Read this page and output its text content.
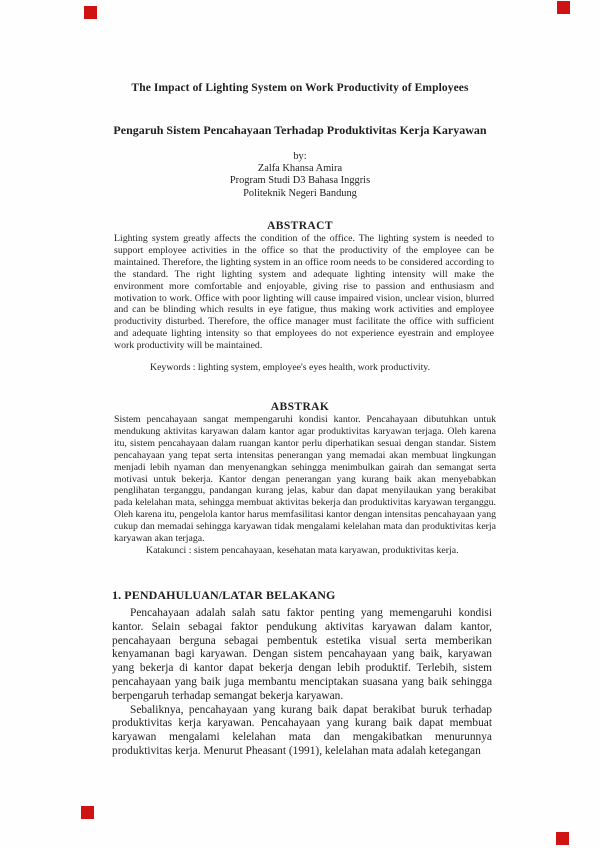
The Impact of Lighting System on Work Productivity of Employees
Pengaruh Sistem Pencahayaan Terhadap Produktivitas Kerja Karyawan
by:
Zalfa Khansa Amira
Program Studi D3 Bahasa Inggris
Politeknik Negeri Bandung
ABSTRACT
Lighting system greatly affects the condition of the office. The lighting system is needed to support employee activities in the office so that the productivity of the employee can be maintained. Therefore, the lighting system in an office room needs to be considered according to the standard. The right lighting system and adequate lighting intensity will make the environment more comfortable and enjoyable, giving rise to passion and enthusiasm and motivation to work. Office with poor lighting will cause impaired vision, unclear vision, blurred and can be blinding which results in eye fatigue, thus making work activities and employee productivity disturbed. Therefore, the office manager must facilitate the office with sufficient and adequate lighting intensity so that employees do not experience eyestrain and employee work productivity will be maintained.
Keywords : lighting system, employee's eyes health, work productivity.
ABSTRAK
Sistem pencahayaan sangat mempengaruhi kondisi kantor. Pencahayaan dibutuhkan untuk mendukung aktivitas karyawan dalam kantor agar produktivitas karyawan terjaga. Oleh karena itu, sistem pencahayaan dalam ruangan kantor perlu diperhatikan sesuai dengan standar. Sistem pencahayaan yang tepat serta intensitas penerangan yang memadai akan membuat lingkungan menjadi lebih nyaman dan menyenangkan sehingga menimbulkan gairah dan semangat serta motivasi untuk bekerja. Kantor dengan penerangan yang kurang baik akan menyebabkan penglihatan terganggu, pandangan kurang jelas, kabur dan dapat menyilaukan yang berakibat pada kelelahan mata, sehingga membuat aktivitas bekerja dan produktivitas karyawan terganggu. Oleh karena itu, pengelola kantor harus memfasilitasi kantor dengan intensitas pencahayaan yang cukup dan memadai sehingga karyawan tidak mengalami kelelahan mata dan produktivitas kerja karyawan akan terjaga.
Katakunci : sistem pencahayaan, kesehatan mata karyawan, produktivitas kerja.
1. PENDAHULUAN/LATAR BELAKANG

Pencahayaan adalah salah satu faktor penting yang memengaruhi kondisi kantor. Selain sebagai faktor pendukung aktivitas karyawan dalam kantor, pencahayaan berguna sebagai pembentuk estetika visual serta memberikan kenyamanan bagi karyawan. Dengan sistem pencahayaan yang baik, karyawan yang bekerja di kantor dapat bekerja dengan lebih produktif. Terlebih, sistem pencahayaan yang baik juga membantu menciptakan suasana yang baik sehingga berpengaruh terhadap semangat bekerja karyawan.

Sebaliknya, pencahayaan yang kurang baik dapat berakibat buruk terhadap produktivitas kerja karyawan. Pencahayaan yang kurang baik dapat membuat karyawan mengalami kelelahan mata dan mengakibatkan menurunnya produktivitas kerja. Menurut Pheasant (1991), kelelahan mata adalah ketegangan
